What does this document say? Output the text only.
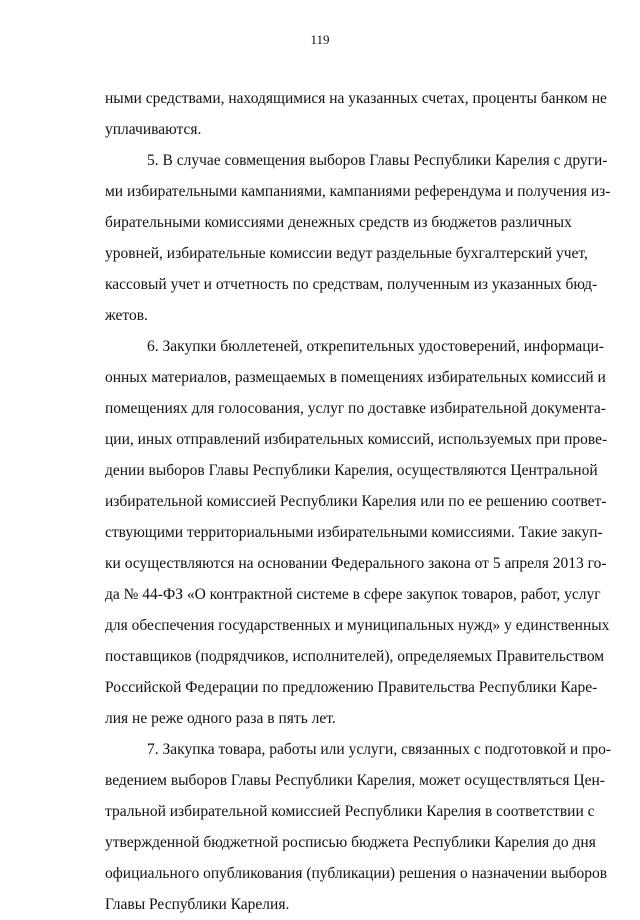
119
ными средствами, находящимися на указанных счетах, проценты банком не
уплачиваются.
5. В случае совмещения выборов Главы Республики Карелия с други-
ми избирательными кампаниями, кампаниями референдума и получения из-
бирательными комиссиями денежных средств из бюджетов различных
уровней, избирательные комиссии ведут раздельные бухгалтерский учет,
кассовый учет и отчетность по средствам, полученным из указанных бюд-
жетов.
6. Закупки бюллетеней, открепительных удостоверений, информаци-
онных материалов, размещаемых в помещениях избирательных комиссий и
помещениях для голосования, услуг по доставке избирательной документа-
ции, иных отправлений избирательных комиссий, используемых при прове-
дении выборов Главы Республики Карелия, осуществляются Центральной
избирательной комиссией Республики Карелия или по ее решению соответ-
ствующими территориальными избирательными комиссиями. Такие закуп-
ки осуществляются на основании Федерального закона от 5 апреля 2013 го-
да № 44-ФЗ «О контрактной системе в сфере закупок товаров, работ, услуг
для обеспечения государственных и муниципальных нужд» у единственных
поставщиков (подрядчиков, исполнителей), определяемых Правительством
Российской Федерации по предложению Правительства Республики Каре-
лия не реже одного раза в пять лет.
7. Закупка товара, работы или услуги, связанных с подготовкой и про-
ведением выборов Главы Республики Карелия, может осуществляться Цен-
тральной избирательной комиссией Республики Карелия в соответствии с
утвержденной бюджетной росписью бюджета Республики Карелия до дня
официального опубликования (публикации) решения о назначении выборов
Главы Республики Карелия.
